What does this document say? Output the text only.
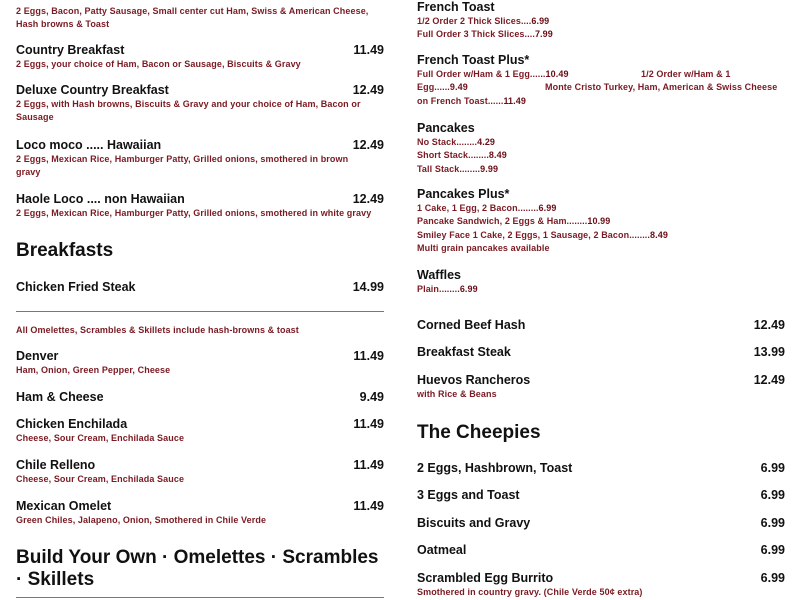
2 Eggs, Bacon, Patty Sausage, Small center cut Ham, Swiss & American Cheese,
Hash browns & Toast
Country Breakfast	11.49
2 Eggs, your choice of Ham, Bacon or Sausage, Biscuits & Gravy
Deluxe Country Breakfast	12.49
2 Eggs, with Hash browns, Biscuits & Gravy and your choice of Ham, Bacon or
Sausage
Loco moco ..... Hawaiian	12.49
2 Eggs, Mexican Rice, Hamburger Patty, Grilled onions, smothered in brown
gravy
Haole Loco .... non Hawaiian	12.49
2 Eggs, Mexican Rice, Hamburger Patty, Grilled onions, smothered in white gravy
Breakfasts
Chicken Fried Steak	14.99
All Omelettes, Scrambles & Skillets include hash-browns & toast
Denver	11.49
Ham, Onion, Green Pepper, Cheese
Ham & Cheese	9.49
Chicken Enchilada	11.49
Cheese, Sour Cream, Enchilada Sauce
Chile Relleno	11.49
Cheese, Sour Cream, Enchilada Sauce
Mexican Omelet	11.49
Green Chiles, Jalapeno, Onion, Smothered in Chile Verde
Build Your Own · Omelettes · Scrambles · Skillets
French Toast
1/2 Order 2 Thick Slices....6.99
Full Order 3 Thick Slices....7.99
French Toast Plus*
Full Order w/Ham & 1 Egg......10.49	1/2 Order w/Ham & 1
Egg......9.49	Monte Cristo Turkey, Ham, American & Swiss Cheese
on French Toast......11.49
Pancakes
No Stack........4.29
Short Stack........8.49
Tall Stack........9.99
Pancakes Plus*
1 Cake, 1 Egg, 2 Bacon........6.99
Pancake Sandwich, 2 Eggs & Ham........10.99
Smiley Face 1 Cake, 2 Eggs, 1 Sausage, 2 Bacon........8.49
Multi grain pancakes available
Waffles
Plain........6.99
Corned Beef Hash	12.49
Breakfast Steak	13.99
Huevos Rancheros	12.49
with Rice & Beans
The Cheepies
2 Eggs, Hashbrown, Toast	6.99
3 Eggs and Toast	6.99
Biscuits and Gravy	6.99
Oatmeal	6.99
Scrambled Egg Burrito	6.99
Smothered in country gravy. (Chile Verde 50¢ extra)
